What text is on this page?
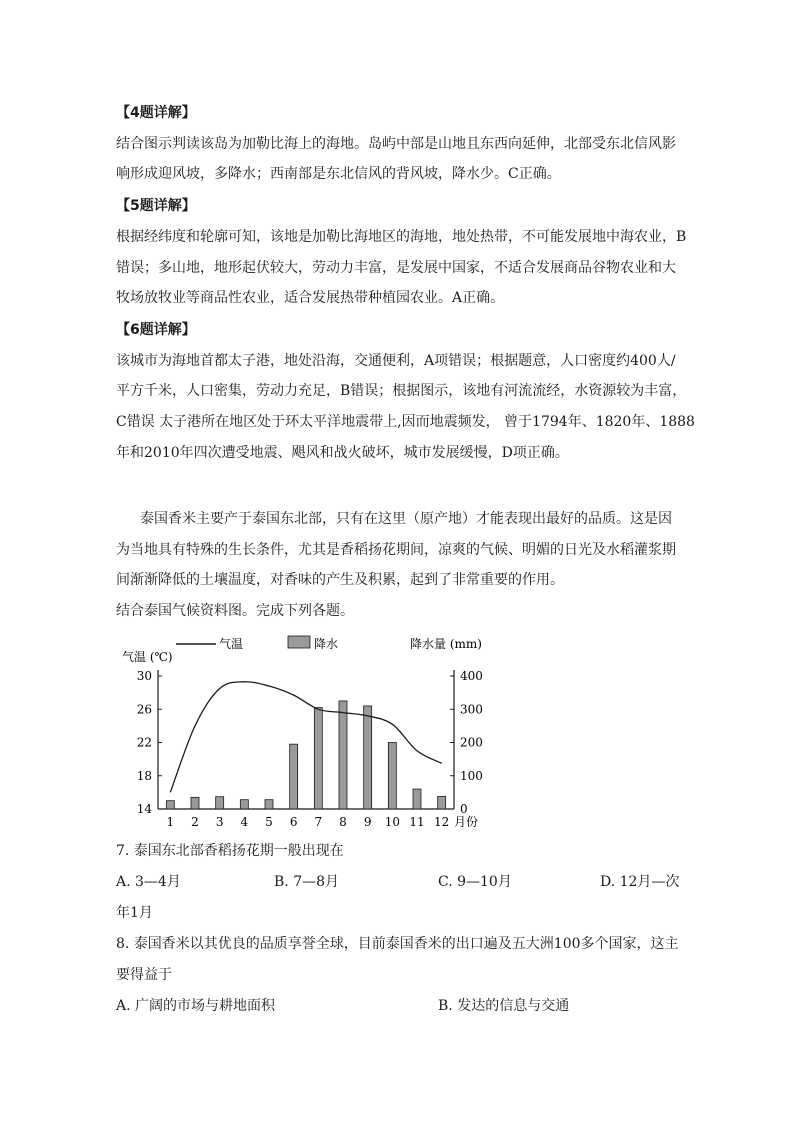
【4题详解】
结合图示判读该岛为加勒比海上的海地。岛屿中部是山地且东西向延伸，北部受东北信风影
响形成迎风坡，多降水；西南部是东北信风的背风坡，降水少。C正确。
【5题详解】
根据经纬度和轮廓可知，该地是加勒比海地区的海地，地处热带，不可能发展地中海农业，B
错误；多山地，地形起伏较大，劳动力丰富，是发展中国家，不适合发展商品谷物农业和大
牧场放牧业等商品性农业，适合发展热带种植园农业。A正确。
【6题详解】
该城市为海地首都太子港，地处沿海，交通便利，A项错误；根据题意，人口密度约400人/
平方千米，人口密集，劳动力充足，B错误；根据图示，该地有河流流经，水资源较为丰富，
C错误 太子港所在地区处于环太平洋地震带上,因而地震频发， 曾于1794年、1820年、1888
年和2010年四次遭受地震、飓风和战火破坏，城市发展缓慢，D项正确。
泰国香米主要产于泰国东北部，只有在这里（原产地）才能表现出最好的品质。这是因
为当地具有特殊的生长条件，尤其是香稻扬花期间，凉爽的气候、明媚的日光及水稻灌浆期
间渐渐降低的土壤温度，对香味的产生及积累，起到了非常重要的作用。
结合泰国气候资料图。完成下列各题。
气温	降水
气温 (℃)
降水量 (mm)
1 2 3 4 5 6 7 8 9 10 11 12
14
18
22
26
30
0
100
200
300
400
月份
7. 泰国东北部香稻扬花期一般出现在
A. 3—4月	B. 7—8月	C. 9—10月	D. 12月—次
年1月
8. 泰国香米以其优良的品质享誉全球，目前泰国香米的出口遍及五大洲100多个国家，这主
要得益于
A. 广阔的市场与耕地面积	B. 发达的信息与交通
